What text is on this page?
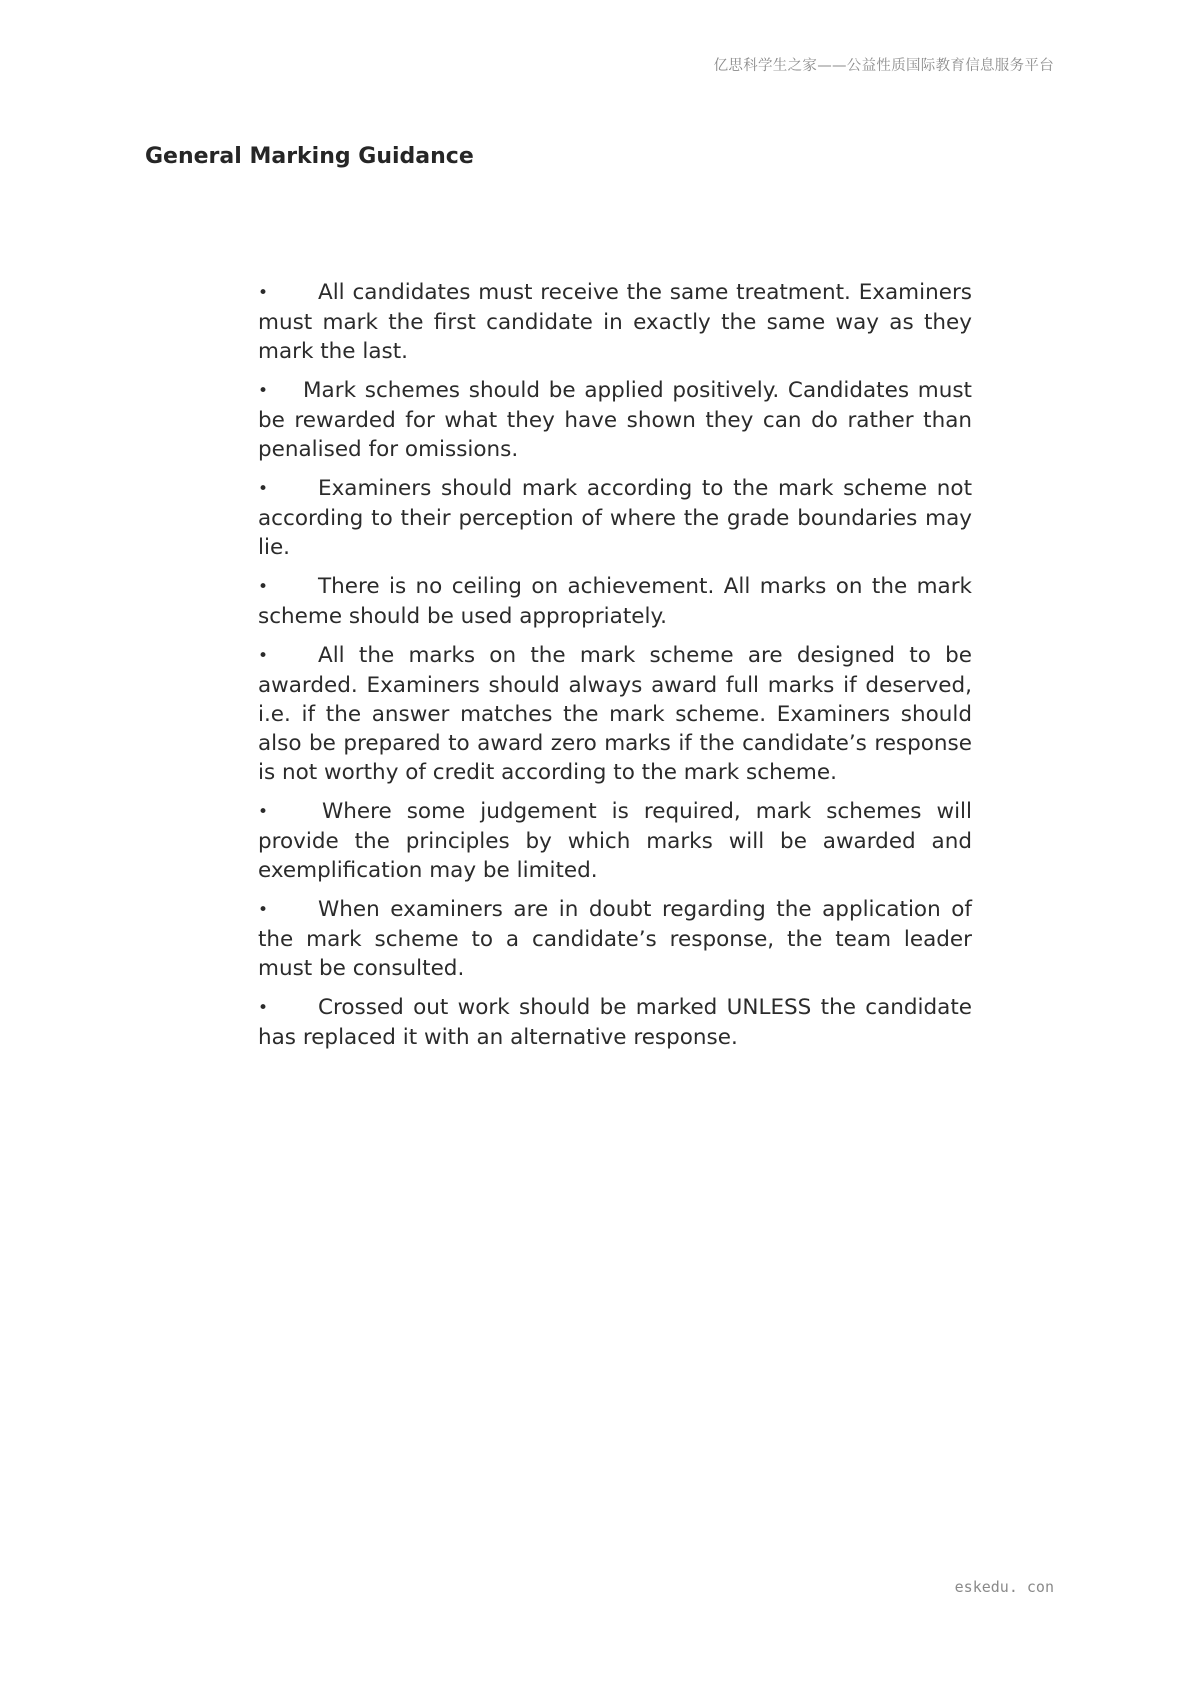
亿思科学生之家——公益性质国际教育信息服务平台
General Marking Guidance
• All candidates must receive the same treatment. Examiners must mark the first candidate in exactly the same way as they mark the last.
• Mark schemes should be applied positively. Candidates must be rewarded for what they have shown they can do rather than penalised for omissions.
• Examiners should mark according to the mark scheme not according to their perception of where the grade boundaries may lie.
• There is no ceiling on achievement. All marks on the mark scheme should be used appropriately.
• All the marks on the mark scheme are designed to be awarded. Examiners should always award full marks if deserved, i.e. if the answer matches the mark scheme. Examiners should also be prepared to award zero marks if the candidate’s response is not worthy of credit according to the mark scheme.
•	Where some judgement is required, mark schemes will provide the principles by which marks will be awarded and exemplification may be limited.
• When examiners are in doubt regarding the application of the mark scheme to a candidate’s response, the team leader must be consulted.
• Crossed out work should be marked UNLESS the candidate has replaced it with an alternative response.
eskedu. con
